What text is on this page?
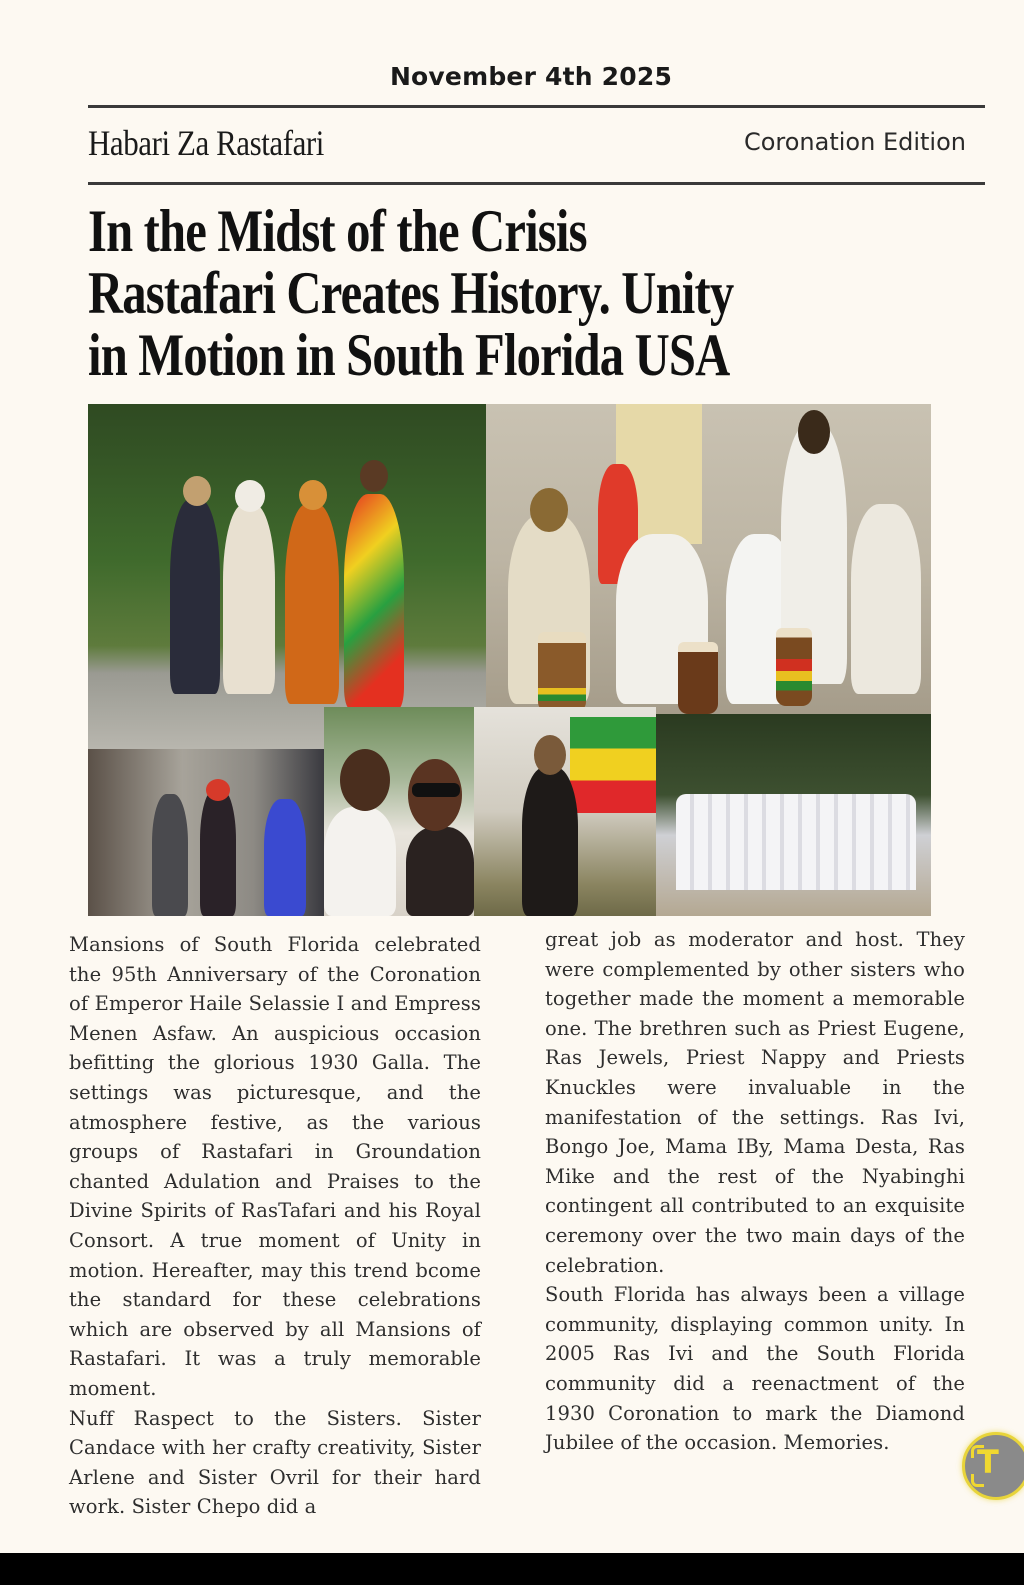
November 4th 2025
Habari Za Rastafari	Coronation Edition
In the Midst of the Crisis
Rastafari Creates History. Unity
in Motion in South Florida USA

Mansions of South Florida celebrated the 95th Anniversary of the Coronation of Emperor Haile Selassie I and Empress Menen Asfaw. An auspicious occasion befitting the glorious 1930 Galla. The settings was picturesque, and the atmosphere festive, as the various groups of Rastafari in Groundation chanted Adulation and Praises to the Divine Spirits of RasTafari and his Royal Consort. A true moment of Unity in motion. Hereafter, may this trend bcome the standard for these celebrations which are observed by all Mansions of Rastafari. It was a truly memorable moment.

Nuff Raspect to the Sisters. Sister Candace with her crafty creativity, Sister Arlene and Sister Ovril for their hard work. Sister Chepo did a

great job as moderator and host. They were complemented by other sisters who together made the moment a memorable one. The brethren such as Priest Eugene, Ras Jewels, Priest Nappy and Priests Knuckles were invaluable in the manifestation of the settings. Ras Ivi, Bongo Joe, Mama IBy, Mama Desta, Ras Mike and the rest of the Nyabinghi contingent all contributed to an exquisite ceremony over the two main days of the celebration.

South Florida has always been a village community, displaying common unity. In 2005 Ras Ivi and the South Florida community did a reenactment of the 1930 Coronation to mark the Diamond Jubilee of the occasion. Memories.

T
